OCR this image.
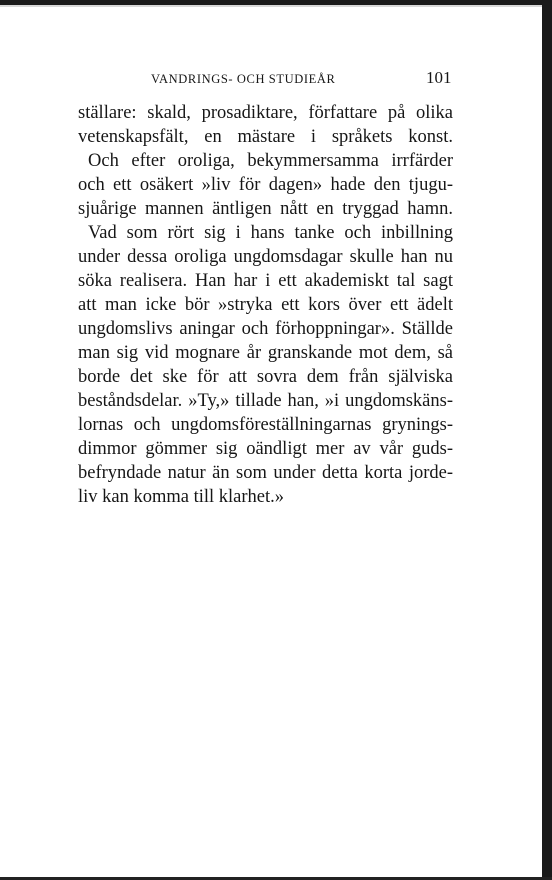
VANDRINGS- OCH STUDIEÅR	101
ställare: skald, prosadiktare, författare på olika
vetenskapsfält, en mästare i språkets konst.
Och efter oroliga, bekymmersamma irrfärder
och ett osäkert »liv för dagen» hade den tjugu-
sjuårige mannen äntligen nått en tryggad hamn.
Vad som rört sig i hans tanke och inbillning
under dessa oroliga ungdomsdagar skulle han nu
söka realisera. Han har i ett akademiskt tal sagt
att man icke bör »stryka ett kors över ett ädelt
ungdomslivs aningar och förhoppningar». Ställde
man sig vid mognare år granskande mot dem, så
borde det ske för att sovra dem från själviska
beståndsdelar. »Ty,» tillade han, »i ungdomskäns-
lornas och ungdomsföreställningarnas grynings-
dimmor gömmer sig oändligt mer av vår guds-
befryndade natur än som under detta korta jorde-
liv kan komma till klarhet.»
